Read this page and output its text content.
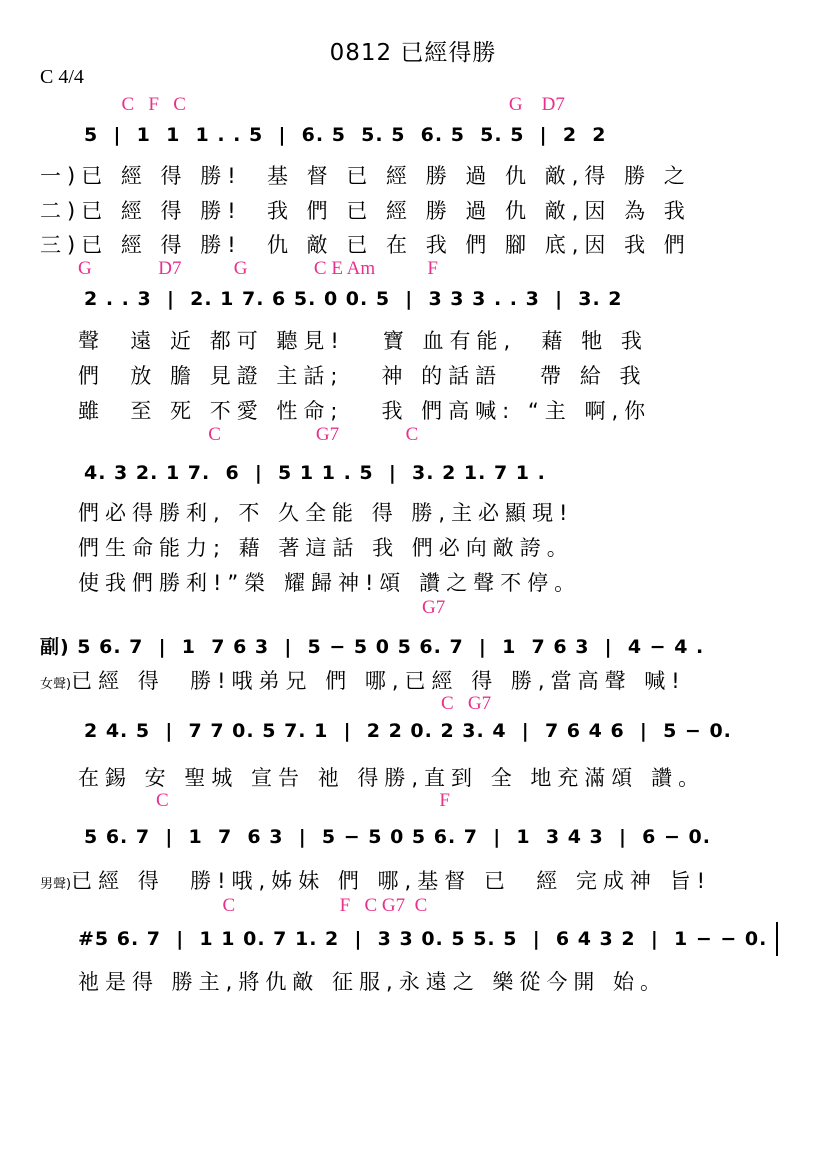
0812 已經得勝
C 4/4
C   F   C                                                                    G    D7
5  |  1  1  1 . . 5  |  6. 5  5. 5  6. 5  5. 5  |  2  2
一)已 經 得 勝!  基 督 已 經 勝 過 仇 敵,得 勝 之
二)已 經 得 勝!  我 們 已 經 勝 過 仇 敵,因 為 我
三)已 經 得 勝!  仇 敵 已 在 我 們 腳 底,因 我 們
G              D7           G              C E Am           F
2 . . 3  |  2. 1 7. 6 5. 0 0. 5  |  3 3 3 . . 3  |  3. 2
聲  遠 近 都可 聽見!   寶 血有能,  藉 牠 我
們  放 膽 見證 主話;   神 的話語   帶 給 我
雖  至 死 不愛 性命;   我 們高喊: “主 啊,你
C                    G7              C
4. 3 2. 1 7.  6  |  5 1 1 . 5  |  3. 2 1. 7 1 .
們必得勝利, 不 久全能 得 勝,主必顯現!
們生命能力; 藉 著這話 我 們必向敵誇。
使我們勝利!”榮 耀歸神!頌 讚之聲不停。
G7
副) 5 6. 7  |  1  7 6 3  |  5 − 5 0 5 6. 7  |  1  7 6 3  |  4 − 4 .
女聲)已經 得  勝!哦弟兄 們 哪,已經 得 勝,當高聲 喊!
C   G7
2 4. 5  |  7 7 0. 5 7. 1  |  2 2 0. 2 3. 4  |  7 6 4 6  |  5 − 0.
在錫 安 聖城 宣告 祂 得勝,直到 全 地充滿頌 讚。
C                                                         F
5 6. 7  |  1  7  6 3  |  5 − 5 0 5 6. 7  |  1  3 4 3  |  6 − 0.
男聲)已經 得  勝!哦,姊妹 們 哪,基督 已  經 完成神 旨!
C                      F   C G7  C
#5 6. 7  |  1 1 0. 7 1. 2  |  3 3 0. 5 5. 5  |  6 4 3 2  |  1 − − 0.
祂是得 勝主,將仇敵 征服,永遠之 樂從今開 始。
